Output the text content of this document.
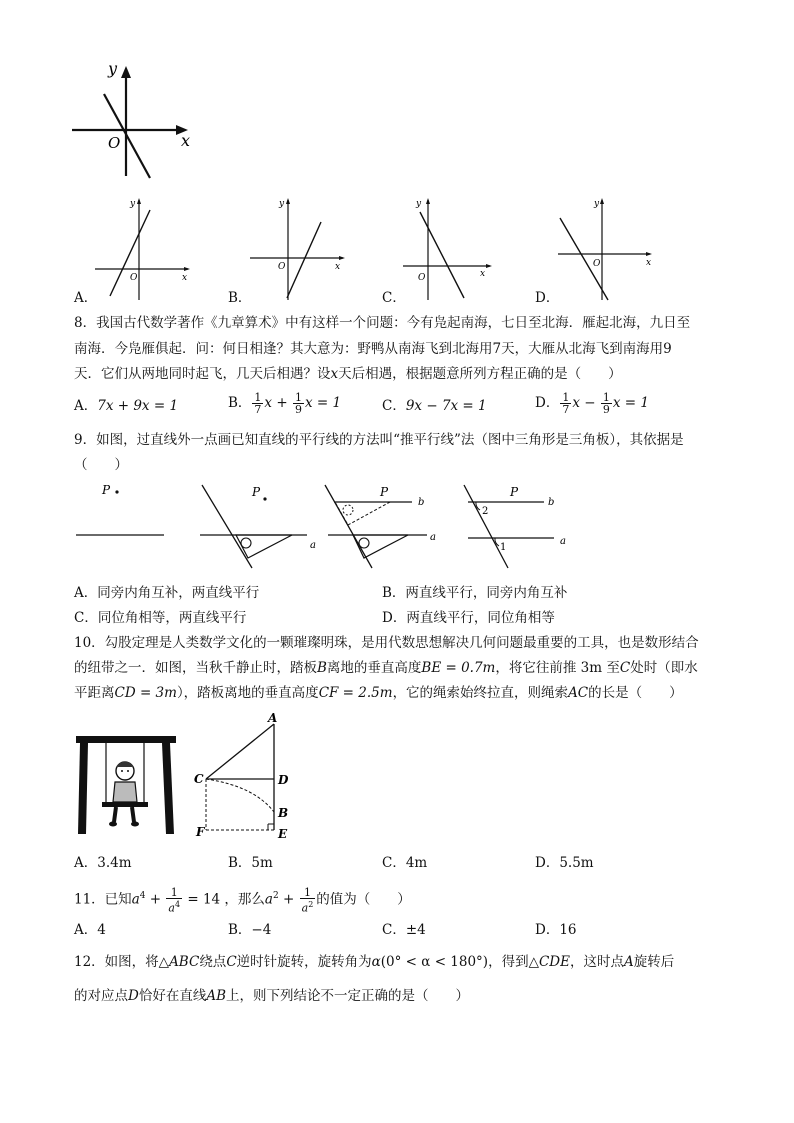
y
x
O
y
x
O
y
x
O
y
x
O
y
x
O
A．	B．	C．	D．
8．我国古代数学著作《九章算术》中有这样一个问题：今有凫起南海，七日至北海．雁起北海，九日至
南海．今凫雁俱起．问：何日相逢？其大意为：野鸭从南海飞到北海用7天，大雁从北海飞到南海用9
天．它们从两地同时起飞，几天后相遇？设x天后相遇，根据题意所列方程正确的是（　　）
A．7x + 9x = 1	B． $\frac{1}{7}$ $x + \frac{1}{9}$ x = 1	C．9x − 7x = 1	D． $\frac{1}{7}$ $x - \frac{1}{9}$ x = 1
9．如图，过直线外一点画已知直线的平行线的方法叫“推平行线”法（图中三角形是三角板），其依据是
（　　）
P	P
a
P
b
a
P
b
a
2
1
A．同旁内角互补，两直线平行	B．两直线平行，同旁内角互补
C．同位角相等，两直线平行	D．两直线平行，同位角相等
10．勾股定理是人类数学文化的一颗璀璨明珠，是用代数思想解决几何问题最重要的工具，也是数形结合
的纽带之一．如图，当秋千静止时，踏板B离地的垂直高度BE = 0.7m，将它往前推 3m 至C处时（即水
平距离CD = 3m），踏板离地的垂直高度CF = 2.5m，它的绳索始终拉直，则绳索AC的长是（　　）
A
C	D
B
F	E
A．3.4m	B．5m	C．4m	D．5.5m
11．已知$a^4 + \frac{1}{a^4} = 14$ ，那么$a^2 + \frac{1}{a^2}$ 的值为（　　）
A．4	B．−4	C．±4	D．16
12．如图，将△ABC绕点C逆时针旋转，旋转角为α(0° < α < 180°)，得到△CDE，这时点A旋转后
的对应点D恰好在直线AB上，则下列结论不一定正确的是（　　）
